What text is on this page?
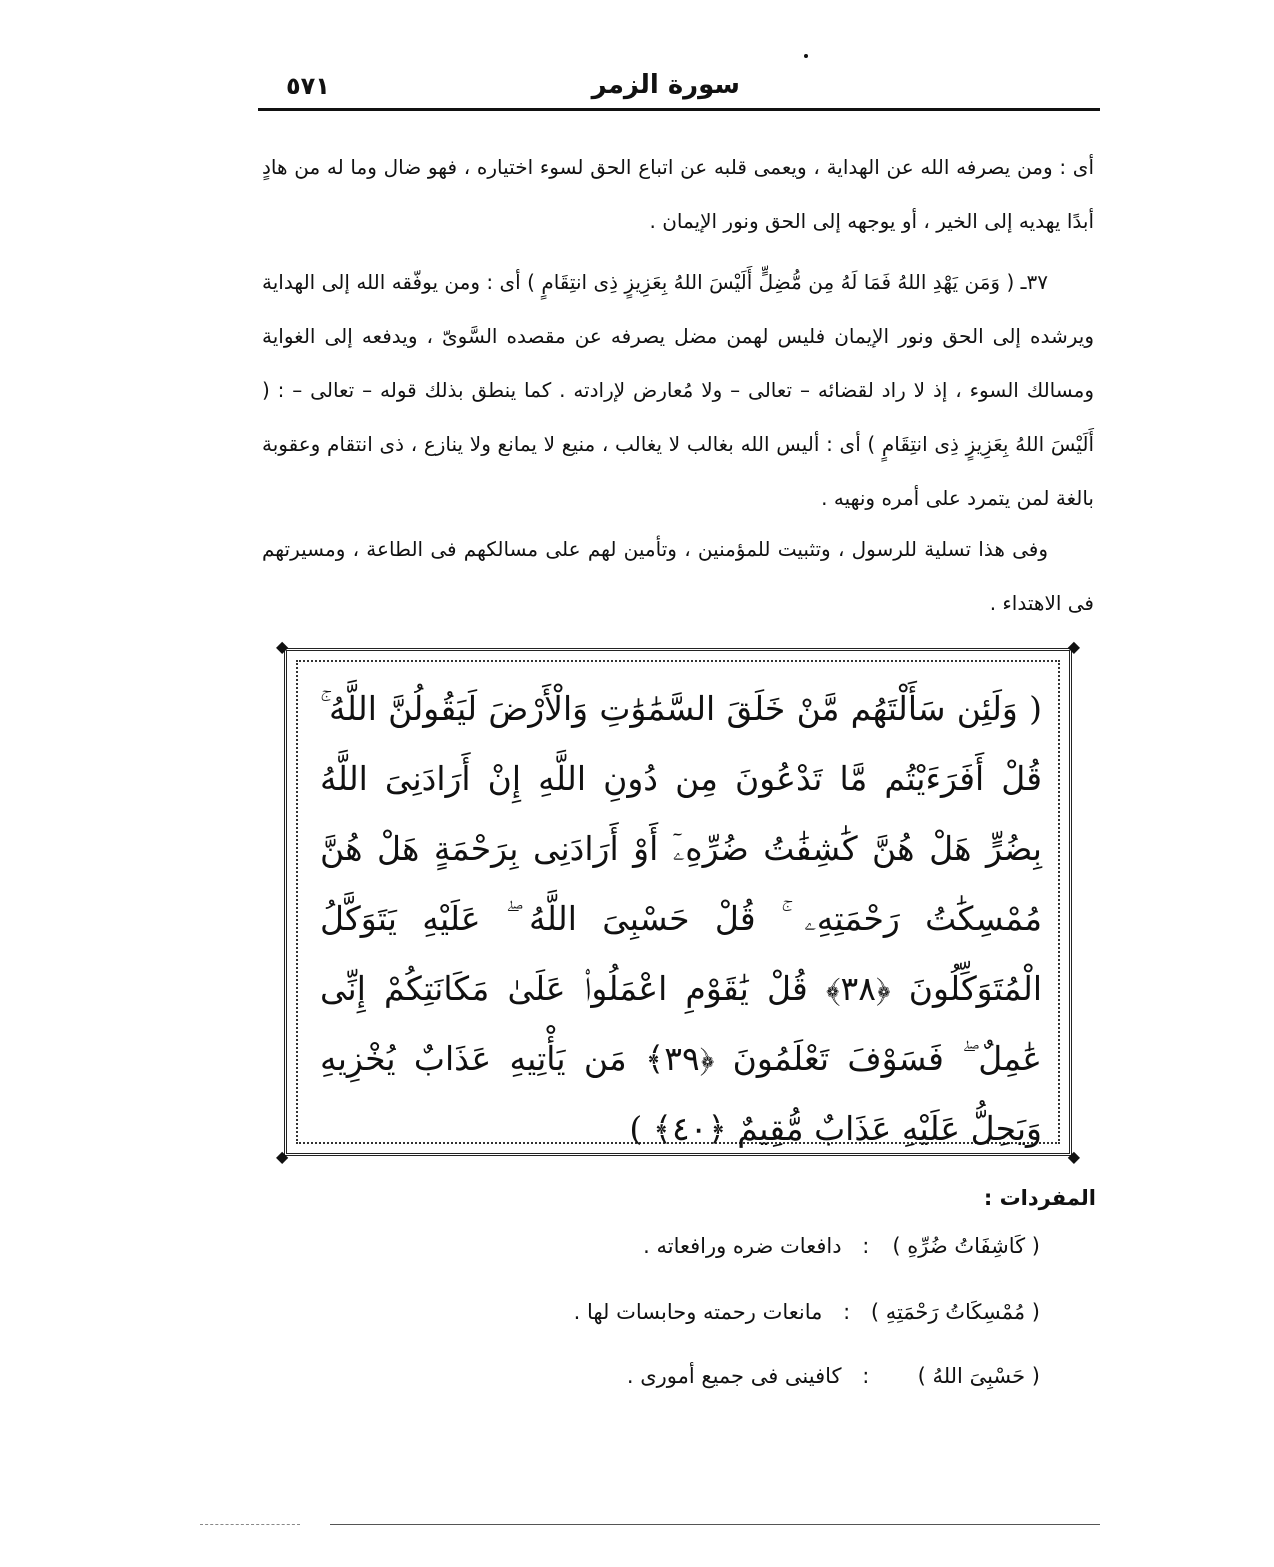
سورة الزمر
٥٧١
أى : ومن يصرفه الله عن الهداية ، ويعمى قلبه عن اتباع الحق لسوء اختياره ، فهو ضال وما له من هادٍ أبدًا يهديه إلى الخير ، أو يوجهه إلى الحق ونور الإيمان .
٣٧ـ ( وَمَن يَهْدِ اللهُ فَمَا لَهُ مِن مُّضِلٍّ أَلَيْسَ اللهُ بِعَزِيزٍ ذِى انتِقَامٍ ) أى : ومن يوفّقه الله إلى الهداية ويرشده إلى الحق ونور الإيمان فليس لهمن مضل يصرفه عن مقصده السَّوىّ ، ويدفعه إلى الغواية ومسالك السوء ، إذ لا راد لقضائه – تعالى – ولا مُعارض لإرادته . كما ينطق بذلك قوله – تعالى – : ( أَلَيْسَ اللهُ بِعَزِيزٍ ذِى انتِقَامٍ ) أى : أليس الله بغالب لا يغالب ، منيع لا يمانع ولا ينازع ، ذى انتقام وعقوبة بالغة لمن يتمرد على أمره ونهيه .
وفى هذا تسلية للرسول ، وتثبيت للمؤمنين ، وتأمين لهم على مسالكهم فى الطاعة ، ومسيرتهم فى الاهتداء .
◆	◆
◆	◆
( وَلَئِن سَأَلْتَهُم مَّنْ خَلَقَ السَّمَٰوَٰتِ وَالْأَرْضَ لَيَقُولُنَّ اللَّهُ ۚ قُلْ أَفَرَءَيْتُم مَّا تَدْعُونَ مِن دُونِ اللَّهِ إِنْ أَرَادَنِىَ اللَّهُ بِضُرٍّ هَلْ هُنَّ كَٰشِفَٰتُ ضُرِّهِۦٓ أَوْ أَرَادَنِى بِرَحْمَةٍ هَلْ هُنَّ مُمْسِكَٰتُ رَحْمَتِهِۦ ۚ قُلْ حَسْبِىَ اللَّهُ ۖ عَلَيْهِ يَتَوَكَّلُ الْمُتَوَكِّلُونَ ﴿٣٨﴾ قُلْ يَٰقَوْمِ اعْمَلُوا۟ عَلَىٰ مَكَانَتِكُمْ إِنِّى عَٰمِلٌ ۖ فَسَوْفَ تَعْلَمُونَ ﴿٣٩﴾ مَن يَأْتِيهِ عَذَابٌ يُخْزِيهِ وَيَحِلُّ عَلَيْهِ عَذَابٌ مُّقِيمٌ ﴿٤٠﴾ )
المفردات :
( كَاشِفَاتُ ضُرِّهِ ) : دافعات ضره ورافعاته .
( مُمْسِكَاتُ رَحْمَتِهِ ) : مانعات رحمته وحابسات لها .
( حَسْبِىَ اللهُ ) : كافينى فى جميع أمورى .
